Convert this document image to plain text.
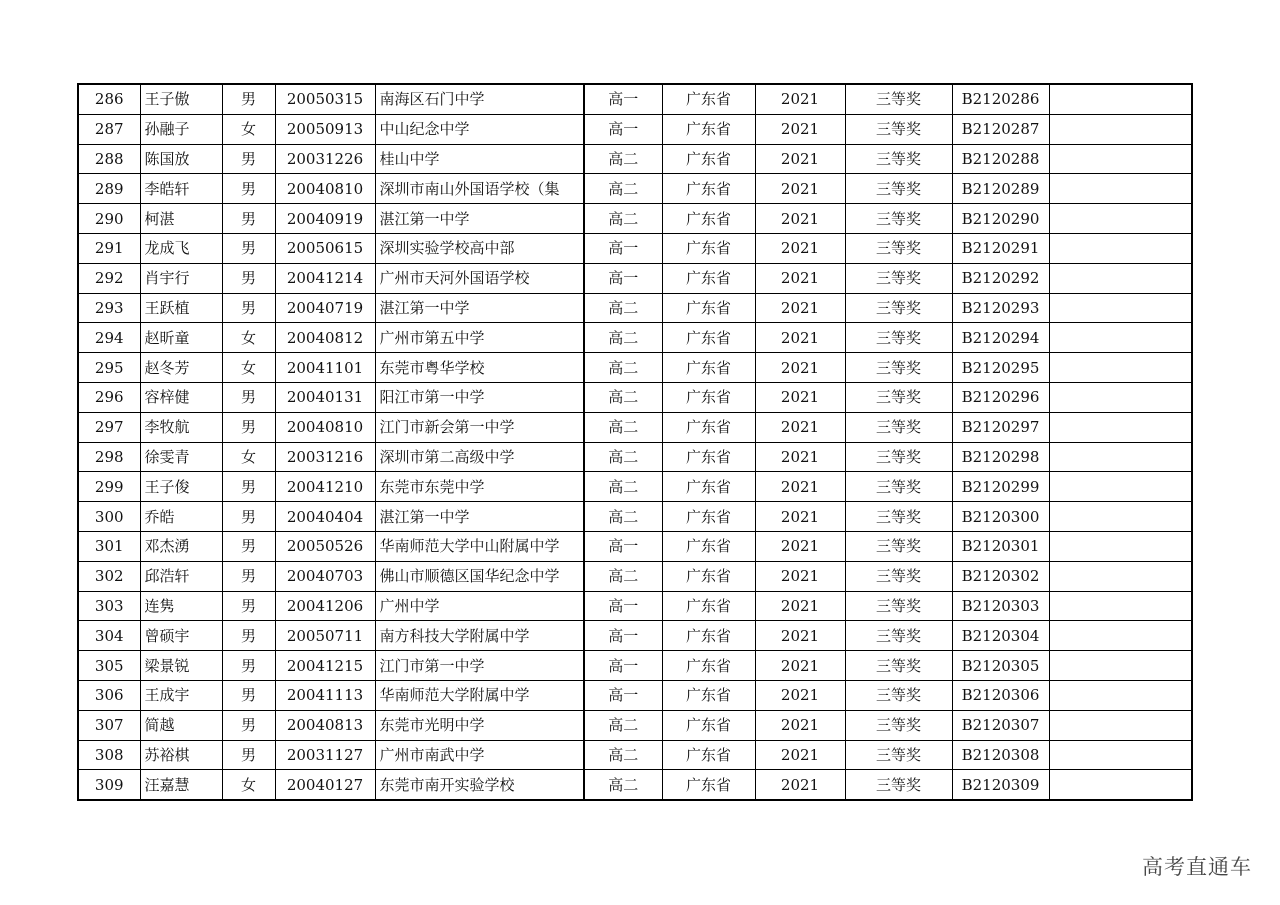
286	王子傲	男	20050315	南海区石门中学	高一	广东省	2021	三等奖	B2120286	
287	孙融子	女	20050913	中山纪念中学	高一	广东省	2021	三等奖	B2120287	
288	陈国放	男	20031226	桂山中学	高二	广东省	2021	三等奖	B2120288	
289	李皓轩	男	20040810	深圳市南山外国语学校（集	高二	广东省	2021	三等奖	B2120289	
290	柯湛	男	20040919	湛江第一中学	高二	广东省	2021	三等奖	B2120290	
291	龙成飞	男	20050615	深圳实验学校高中部	高一	广东省	2021	三等奖	B2120291	
292	肖宇行	男	20041214	广州市天河外国语学校	高一	广东省	2021	三等奖	B2120292	
293	王跃植	男	20040719	湛江第一中学	高二	广东省	2021	三等奖	B2120293	
294	赵昕童	女	20040812	广州市第五中学	高二	广东省	2021	三等奖	B2120294	
295	赵冬芳	女	20041101	东莞市粤华学校	高二	广东省	2021	三等奖	B2120295	
296	容梓健	男	20040131	阳江市第一中学	高二	广东省	2021	三等奖	B2120296	
297	李牧航	男	20040810	江门市新会第一中学	高二	广东省	2021	三等奖	B2120297	
298	徐雯青	女	20031216	深圳市第二高级中学	高二	广东省	2021	三等奖	B2120298	
299	王子俊	男	20041210	东莞市东莞中学	高二	广东省	2021	三等奖	B2120299	
300	乔皓	男	20040404	湛江第一中学	高二	广东省	2021	三等奖	B2120300	
301	邓杰湧	男	20050526	华南师范大学中山附属中学	高一	广东省	2021	三等奖	B2120301	
302	邱浩轩	男	20040703	佛山市顺德区国华纪念中学	高二	广东省	2021	三等奖	B2120302	
303	连隽	男	20041206	广州中学	高一	广东省	2021	三等奖	B2120303	
304	曾硕宇	男	20050711	南方科技大学附属中学	高一	广东省	2021	三等奖	B2120304	
305	梁景锐	男	20041215	江门市第一中学	高一	广东省	2021	三等奖	B2120305	
306	王成宇	男	20041113	华南师范大学附属中学	高一	广东省	2021	三等奖	B2120306	
307	简越	男	20040813	东莞市光明中学	高二	广东省	2021	三等奖	B2120307	
308	苏裕棋	男	20031127	广州市南武中学	高二	广东省	2021	三等奖	B2120308	
309	汪嘉慧	女	20040127	东莞市南开实验学校	高二	广东省	2021	三等奖	B2120309	
高考直通车
